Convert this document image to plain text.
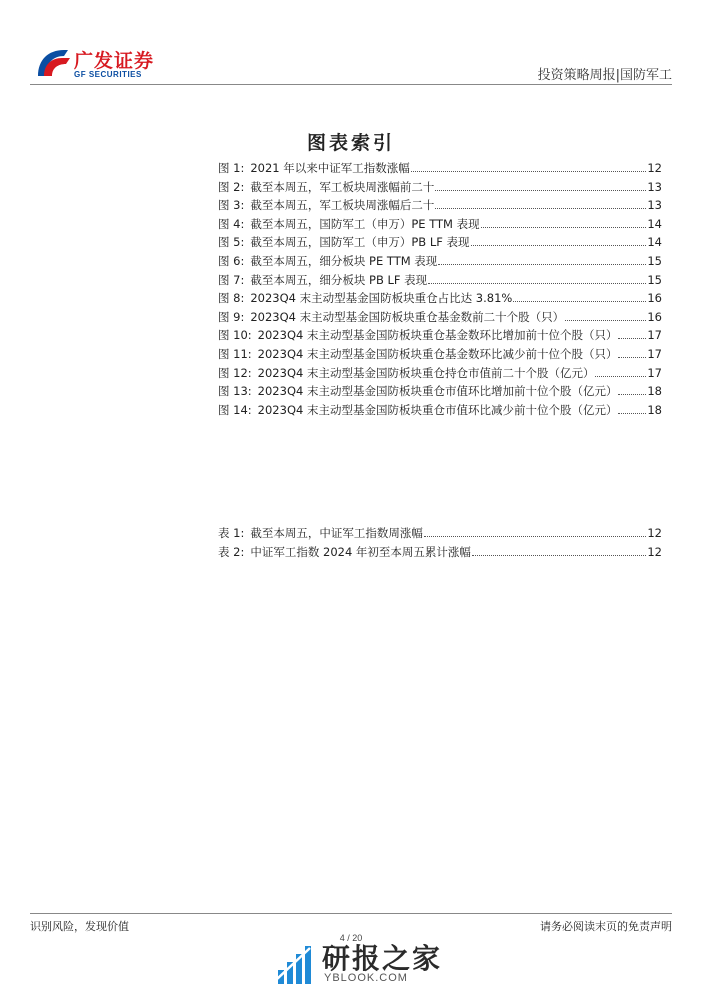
广发证券
GF SECURITIES	投资策略周报|国防军工
图表索引
图 1: 2021 年以来中证军工指数涨幅	12
图 2: 截至本周五，军工板块周涨幅前二十	13
图 3: 截至本周五，军工板块周涨幅后二十	13
图 4: 截至本周五，国防军工（申万）PE TTM 表现	14
图 5: 截至本周五，国防军工（申万）PB LF 表现	14
图 6: 截至本周五，细分板块 PE TTM 表现	15
图 7: 截至本周五，细分板块 PB LF 表现	15
图 8: 2023Q4 末主动型基金国防板块重仓占比达 3.81%	16
图 9: 2023Q4 末主动型基金国防板块重仓基金数前二十个股（只）	16
图 10: 2023Q4 末主动型基金国防板块重仓基金数环比增加前十位个股（只）	17
图 11: 2023Q4 末主动型基金国防板块重仓基金数环比减少前十位个股（只）	17
图 12: 2023Q4 末主动型基金国防板块重仓持仓市值前二十个股（亿元）	17
图 13: 2023Q4 末主动型基金国防板块重仓市值环比增加前十位个股（亿元）	18
图 14: 2023Q4 末主动型基金国防板块重仓市值环比减少前十位个股（亿元）	18
表 1: 截至本周五，中证军工指数周涨幅	12
表 2: 中证军工指数 2024 年初至本周五累计涨幅	12
识别风险，发现价值	请务必阅读末页的免责声明
4 / 20
研报之家
YBLOOK.COM
